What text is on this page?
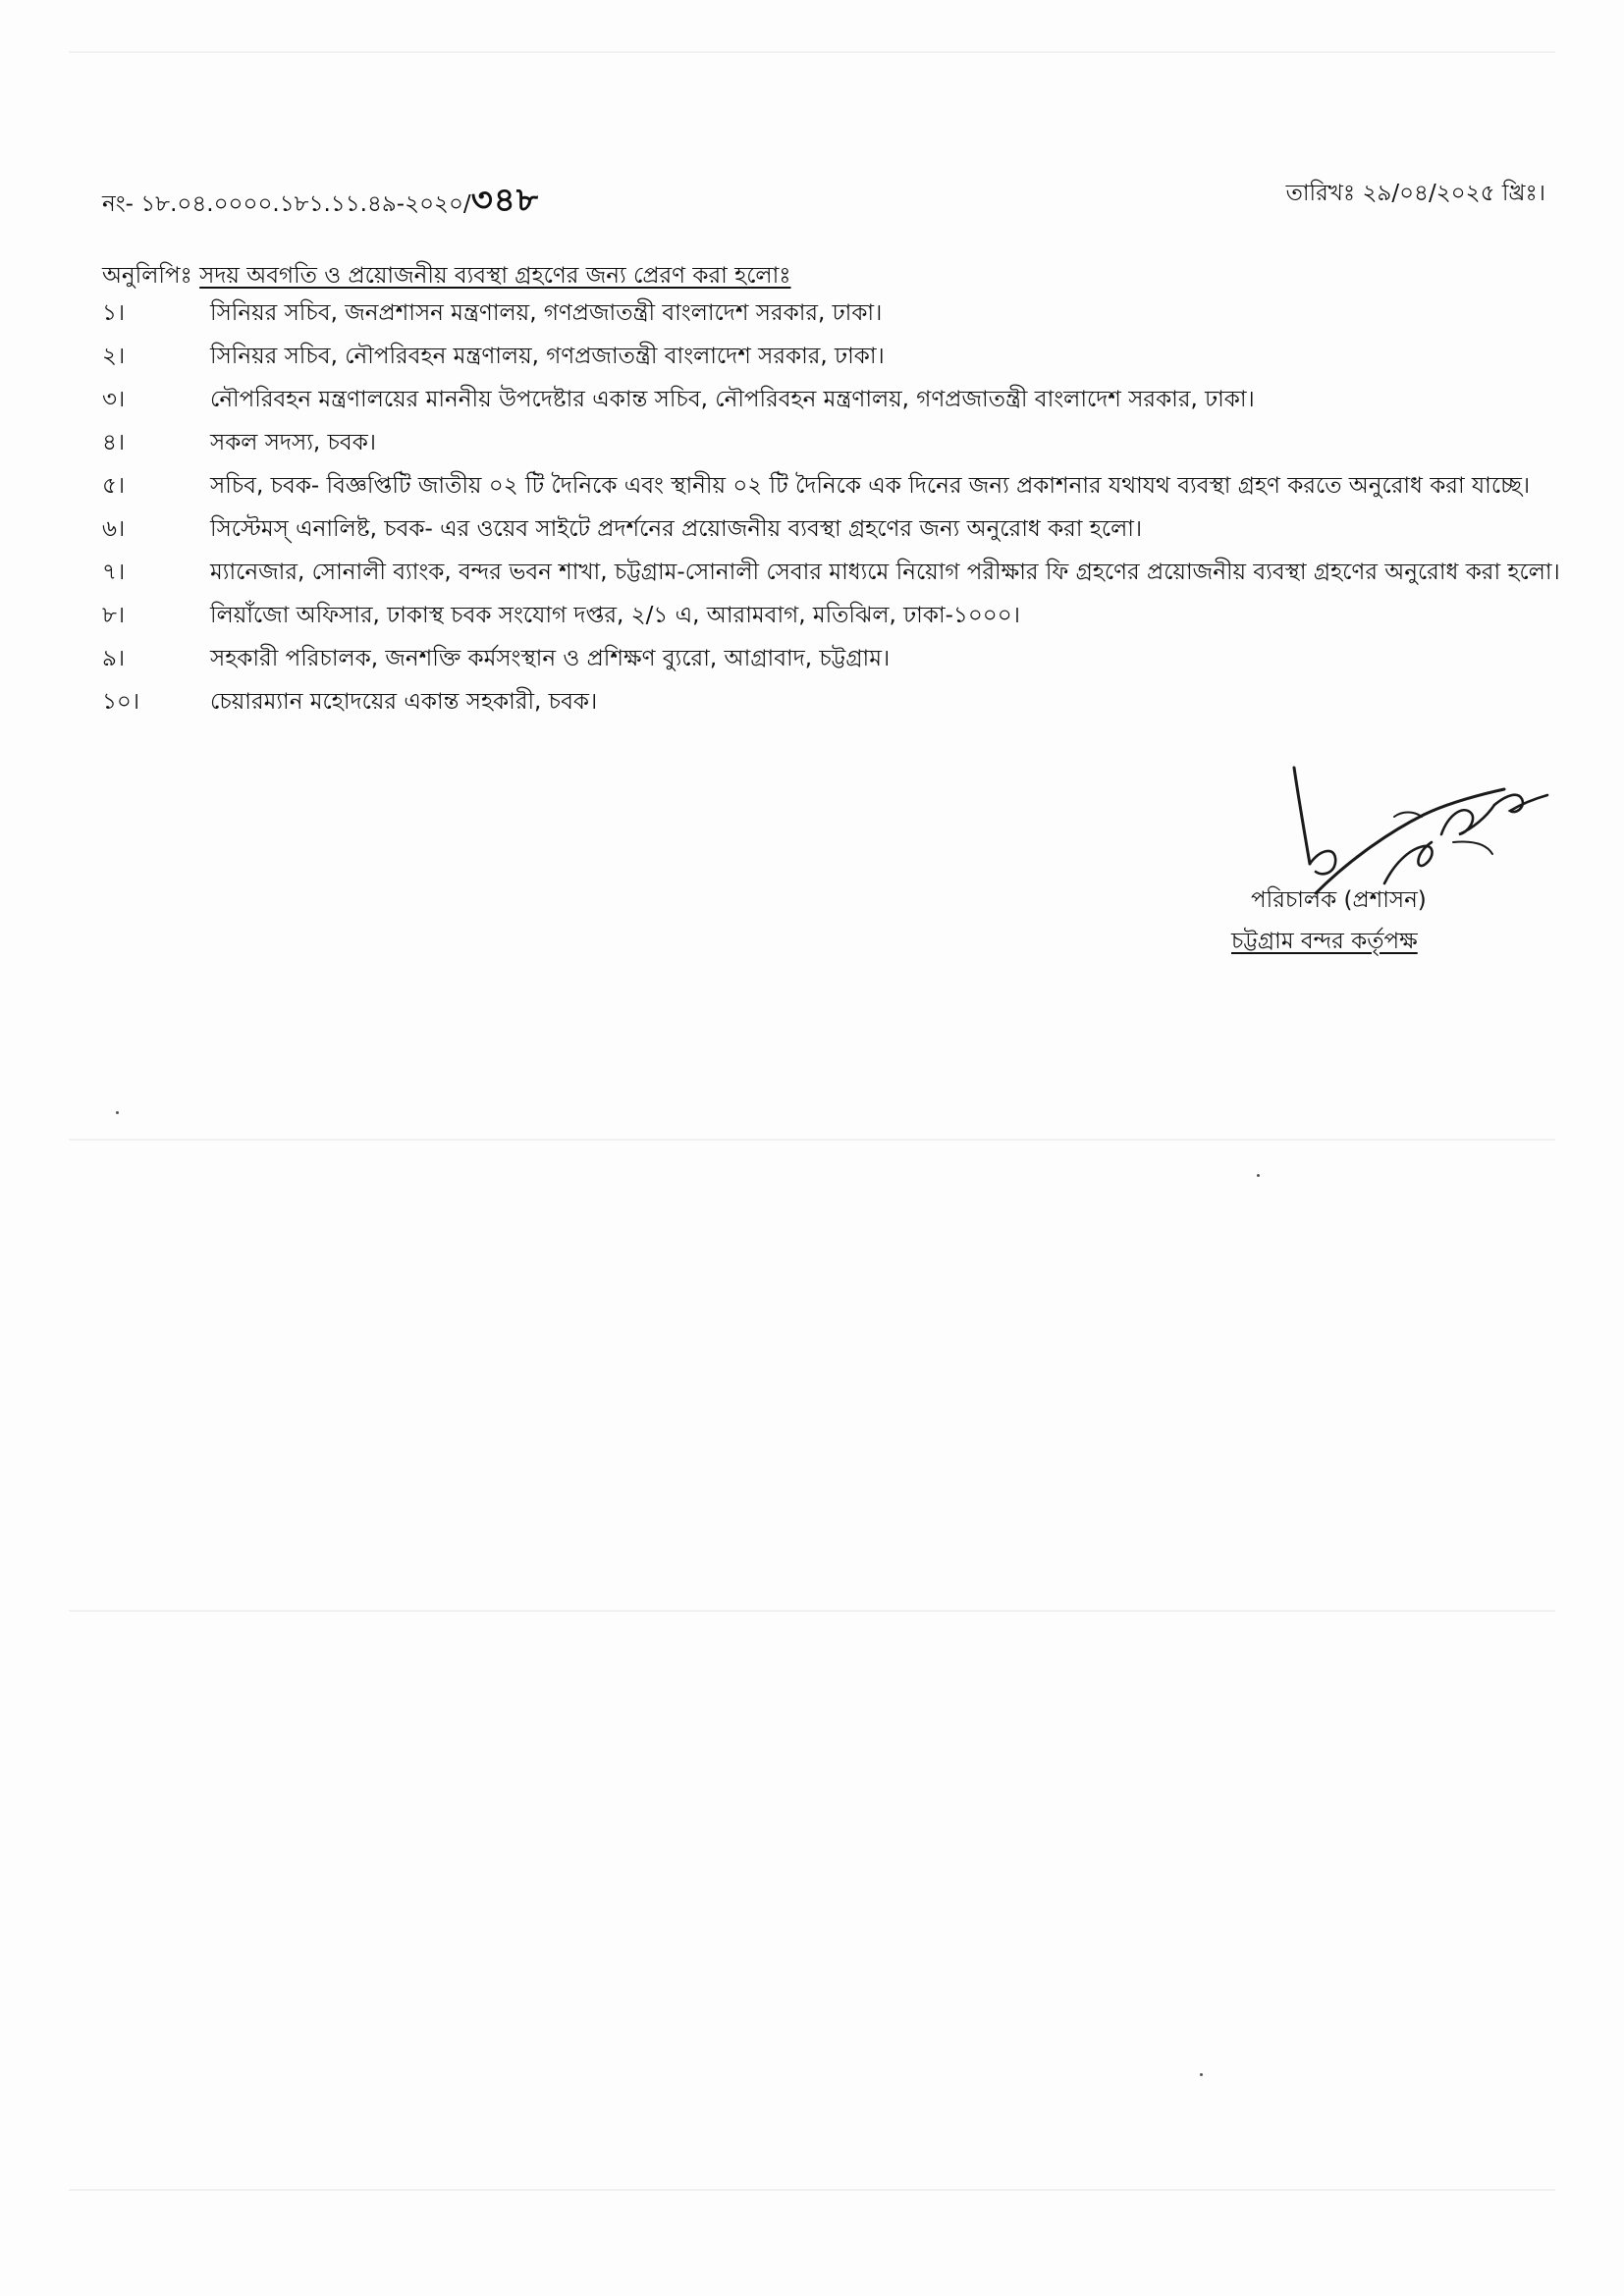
নং- ১৮.০৪.০০০০.১৮১.১১.৪৯-২০২০/৩৪৮	তারিখঃ ২৯/০৪/২০২৫ খ্রিঃ।
অনুলিপিঃ সদয় অবগতি ও প্রয়োজনীয় ব্যবস্থা গ্রহণের জন্য প্রেরণ করা হলোঃ
১।	সিনিয়র সচিব, জনপ্রশাসন মন্ত্রণালয়, গণপ্রজাতন্ত্রী বাংলাদেশ সরকার, ঢাকা।
২।	সিনিয়র সচিব, নৌপরিবহন মন্ত্রণালয়, গণপ্রজাতন্ত্রী বাংলাদেশ সরকার, ঢাকা।
৩।	নৌপরিবহন মন্ত্রণালয়ের মাননীয় উপদেষ্টার একান্ত সচিব, নৌপরিবহন মন্ত্রণালয়, গণপ্রজাতন্ত্রী বাংলাদেশ সরকার, ঢাকা।
৪।	সকল সদস্য, চবক।
৫।	সচিব, চবক- বিজ্ঞপ্তিটি জাতীয় ০২ টি দৈনিকে এবং স্থানীয় ০২ টি দৈনিকে এক দিনের জন্য প্রকাশনার যথাযথ ব্যবস্থা গ্রহণ করতে অনুরোধ করা যাচ্ছে।
৬।	সিস্টেমস্ এনালিষ্ট, চবক- এর ওয়েব সাইটে প্রদর্শনের প্রয়োজনীয় ব্যবস্থা গ্রহণের জন্য অনুরোধ করা হলো।
৭।	ম্যানেজার, সোনালী ব্যাংক, বন্দর ভবন শাখা, চট্টগ্রাম-সোনালী সেবার মাধ্যমে নিয়োগ পরীক্ষার ফি গ্রহণের প্রয়োজনীয় ব্যবস্থা গ্রহণের অনুরোধ করা হলো।
৮।	লিয়াঁজো অফিসার, ঢাকাস্থ চবক সংযোগ দপ্তর, ২/১ এ, আরামবাগ, মতিঝিল, ঢাকা-১০০০।
৯।	সহকারী পরিচালক, জনশক্তি কর্মসংস্থান ও প্রশিক্ষণ ব্যুরো, আগ্রাবাদ, চট্টগ্রাম।
১০।	চেয়ারম্যান মহোদয়ের একান্ত সহকারী, চবক।
পরিচালক (প্রশাসন)
চট্টগ্রাম বন্দর কর্তৃপক্ষ
